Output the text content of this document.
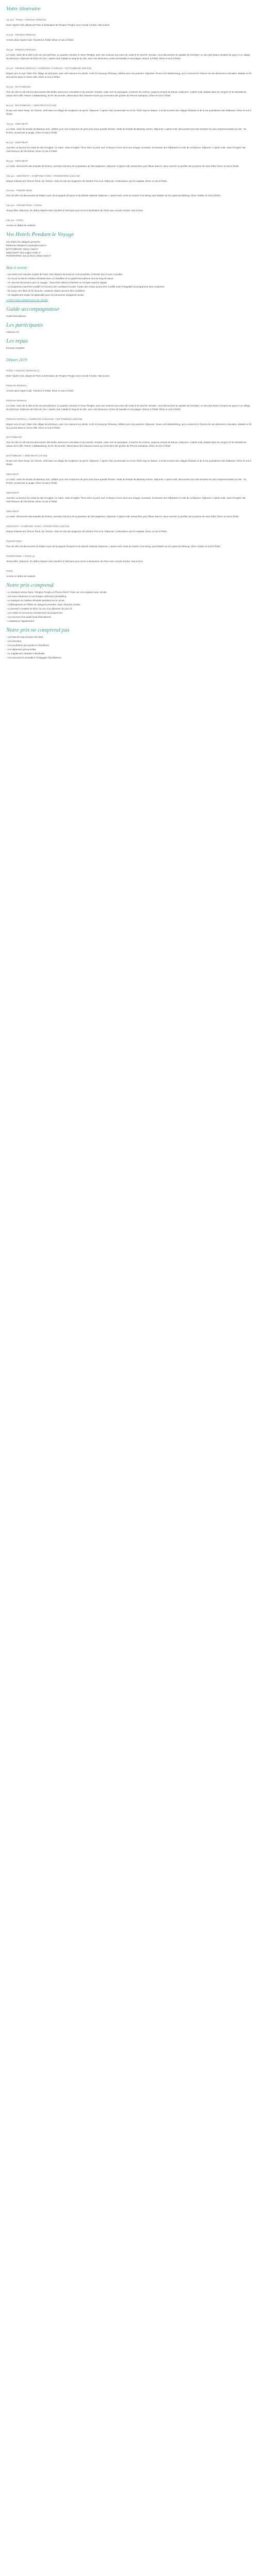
Votre itinéraire
1er jour : PARIS > PENGHU PENGHU

Dans l'après-midi, départ de Paris à destination de Penghu Penghu avec escale à Doha. Nuit à bord.

2e jour : PENGHU PENGHU

Arrivée dans l'après-midi. Transfert à l'hôtel. Dîner et nuit à l'hôtel.

3e jour : PENGHU PENGHU

Le matin, visite de la ville et de son port pêcheur. Le quartier colonial, le vieux Penghu, avec ses maisons aux murs de corail et le marché. Ensuite, vous découvrirez la capitale de l'archipel, un des plus beaux temples du pays et un village de pêcheurs. Déjeuner de fruits de mer. L'après-midi, balade le long de la côte, avec ses fameuses roches de basalte et ses plages. Retour à l'hôtel. Dîner et nuit à l'hôtel.

4e jour : PENGHU PENGHU > KOMPONG CHHNANG > BATTAMBANG (290 KM)

Départ vers le sud. Visite d'un village de pêcheurs, avec ses maisons sur pilotis. Arrêt à Kompong Chhnang, célèbre pour ses poteries. Déjeuner. Route vers Battambang, qui a conservé le charme de ses demeures coloniales. Balade en fin de journée dans le centre-ville. Dîner et nuit à l'hôtel.

5e jour : BATTAMBANG

Tour de ville en tuk-tuk à la découverte des belles demeures coloniales et du marché. Ensuite, route vers la campagne, à travers les rizières, jusqu'au temple de Banan. Déjeuner. L'après-midi, balade dans les vergers et les plantations autour de la ville. Retour à Battambang. En fin de journée, observation des chauves-souris qui s'envolent des grottes de Phnom Sampeau. Dîner et nuit à l'hôtel.

6e jour : BATTAMBANG > SIEM REAP (175 KM)

Route vers Siem Reap. En chemin, arrêt dans un village de sculpteurs de pierre. Déjeuner. L'après-midi, promenade sur le lac Tonlé Sap en bateau, à la découverte des villages flottants et de la vie quotidienne des habitants. Dîner et nuit à l'hôtel.

7e jour : SIEM REAP

Le matin, visite du temple de Banteay Srei, célèbre pour ses sculptures de grès rose d'une grande finesse. Visite du temple de Banteay Samre. Déjeuner. L'après-midi, découverte d'un des temples les plus impressionnants du site : Ta Prohm, envahi par la jungle. Dîner et nuit à l'hôtel.

8e jour : SIEM REAP

Journée consacrée à la visite du site d'Angkor. Le matin, visite d'Angkor Thom avec la porte sud, le Bayon et ses tours aux visages souriants, la terrasse des éléphants et celle du roi lépreux. Déjeuner. L'après-midi, visite d'Angkor Vat, chef-d'œuvre de l'art khmer. Dîner et nuit à l'hôtel.

9e jour : SIEM REAP

Le matin, découverte des temples de Roluos, premiers témoins de la grandeur de l'art angkorien. Déjeuner. L'après-midi, temps libre pour flâner dans le vieux marché ou profiter de la piscine de votre hôtel. Dîner et nuit à l'hôtel.

10e jour : SIEM REAP > KAMPONG THOM > PHNOM PENH (315 KM)

Départ matinal vers Phnom Penh. En chemin, visite du site pré-angkorien de Sambor Prei Kuk. Déjeuner. Continuation vers la capitale. Dîner et nuit à l'hôtel.

11e jour : PHNOM PENH

Tour de ville à la découverte du Palais royal, de la pagode d'Argent et du Musée national. Déjeuner. L'après-midi, visite du musée Tuol Sleng, puis balade sur les quais du Mékong. Dîner d'adieu et nuit à l'hôtel.

12e jour : PHNOM PENH > PARIS

Temps libre. Déjeuner. En début d'après-midi, transfert à l'aéroport pour envol à destination de Paris avec escale à Doha. Nuit à bord.

13e jour : PARIS

Arrivée en début de matinée.

Vos Hotels Pendant le Voyage

Vos hôtels de catégorie première :
PENGHU PENGHU Landmark Hotel 4*
BATTAMBANG Classy Hotel 4*
SIEM REAP Tara Angkor Hotel 4*
PHNOM PENH Sun & Moon Urban Hotel 4*

Bon à savoir
- Les tarifs sont calculés à partir de Paris. Des départs de province sont possibles, n'hésitez pas à nous consulter.
- Ce circuit se fait en minibus climatisé avec un chauffeur et un guide francophone tout au long du séjour.
- Un visa est nécessaire pour ce voyage ; il peut être obtenu à l'arrivée ou en ligne avant le départ.
- Le programme peut être modifié en fonction des conditions locales, l'ordre des visites pourra être modifié mais l'intégralité du programme sera respectée.
- En raison des fêtes de fin d'année, certaines visites peuvent être modifiées.
- Un supplément single est applicable pour les personnes voyageant seules.
CONDITIONS GÉNÉRALES DE VENTE
Guide accompagnateur

Guide francophone

Les participants

minimum 10

Les repas

Pension complète

Départ 2019
PARIS > PENGHU PENGHU (1)

Dans l'après-midi, départ de Paris à destination de Penghu Penghu avec escale à Doha. Nuit à bord.

PENGHU PENGHU

Arrivée dans l'après-midi. Transfert à l'hôtel. Dîner et nuit à l'hôtel.

PENGHU PENGHU

Le matin, visite de la ville et de son port pêcheur. Le quartier colonial, le vieux Penghu, avec ses maisons aux murs de corail et le marché. Ensuite, vous découvrirez la capitale de l'archipel, un des plus beaux temples du pays et un village de pêcheurs. Déjeuner de fruits de mer. L'après-midi, balade le long de la côte, avec ses fameuses roches de basalte et ses plages. Retour à l'hôtel. Dîner et nuit à l'hôtel.

PENGHU PENGHU > KOMPONG CHHNANG > BATTAMBANG (290 KM)

Départ vers le sud. Visite d'un village de pêcheurs, avec ses maisons sur pilotis. Arrêt à Kompong Chhnang, célèbre pour ses poteries. Déjeuner. Route vers Battambang, qui a conservé le charme de ses demeures coloniales. Balade en fin de journée dans le centre-ville. Dîner et nuit à l'hôtel.

BATTAMBANG

Tour de ville en tuk-tuk à la découverte des belles demeures coloniales et du marché. Ensuite, route vers la campagne, à travers les rizières, jusqu'au temple de Banan. Déjeuner. L'après-midi, balade dans les vergers et les plantations autour de la ville. Retour à Battambang. En fin de journée, observation des chauves-souris qui s'envolent des grottes de Phnom Sampeau. Dîner et nuit à l'hôtel.

BATTAMBANG > SIEM REAP (175 KM)

Route vers Siem Reap. En chemin, arrêt dans un village de sculpteurs de pierre. Déjeuner. L'après-midi, promenade sur le lac Tonlé Sap en bateau, à la découverte des villages flottants et de la vie quotidienne des habitants. Dîner et nuit à l'hôtel.

SIEM REAP

Le matin, visite du temple de Banteay Srei, célèbre pour ses sculptures de grès rose d'une grande finesse. Visite du temple de Banteay Samre. Déjeuner. L'après-midi, découverte d'un des temples les plus impressionnants du site : Ta Prohm, envahi par la jungle. Dîner et nuit à l'hôtel.

SIEM REAP

Journée consacrée à la visite du site d'Angkor. Le matin, visite d'Angkor Thom avec la porte sud, le Bayon et ses tours aux visages souriants, la terrasse des éléphants et celle du roi lépreux. Déjeuner. L'après-midi, visite d'Angkor Vat, chef-d'œuvre de l'art khmer. Dîner et nuit à l'hôtel.

SIEM REAP

Le matin, découverte des temples de Roluos, premiers témoins de la grandeur de l'art angkorien. Déjeuner. L'après-midi, temps libre pour flâner dans le vieux marché ou profiter de la piscine de votre hôtel. Dîner et nuit à l'hôtel.

SIEM REAP > KAMPONG THOM > PHNOM PENH (315 KM)

Départ matinal vers Phnom Penh. En chemin, visite du site pré-angkorien de Sambor Prei Kuk. Déjeuner. Continuation vers la capitale. Dîner et nuit à l'hôtel.

PHNOM PENH

Tour de ville à la découverte du Palais royal, de la pagode d'Argent et du Musée national. Déjeuner. L'après-midi, visite du musée Tuol Sleng, puis balade sur les quais du Mékong. Dîner d'adieu et nuit à l'hôtel.

PHNOM PENH > PARIS (1)

Temps libre. Déjeuner. En début d'après-midi, transfert à l'aéroport pour envol à destination de Paris avec escale à Doha. Nuit à bord.

PARIS

Arrivée en début de matinée.

Notre prix comprend
- Le transport aérien Paris / Penghu Penghu et Phnom Penh / Paris sur vols réguliers avec escale,
- Les taxes aériennes et surcharges carburant (révisables),
- Le transport en minibus climatisé pendant tout le circuit,
- L'hébergement en hôtels de catégorie première, base chambre double,
- La pension complète du dîner du jour 2 au déjeuner du jour 12,
- Les visites et excursions mentionnées au programme,
- Les services d'un guide local francophone,
- L'assistance rapatriement.
Notre prix ne comprend pas
- Les frais de visa (environ 35 USD),
- Les boissons,
- Les pourboires aux guides et chauffeurs,
- Les dépenses personnelles,
- Le supplément chambre individuelle,
- Les assurances annulation et bagages (facultatives).
